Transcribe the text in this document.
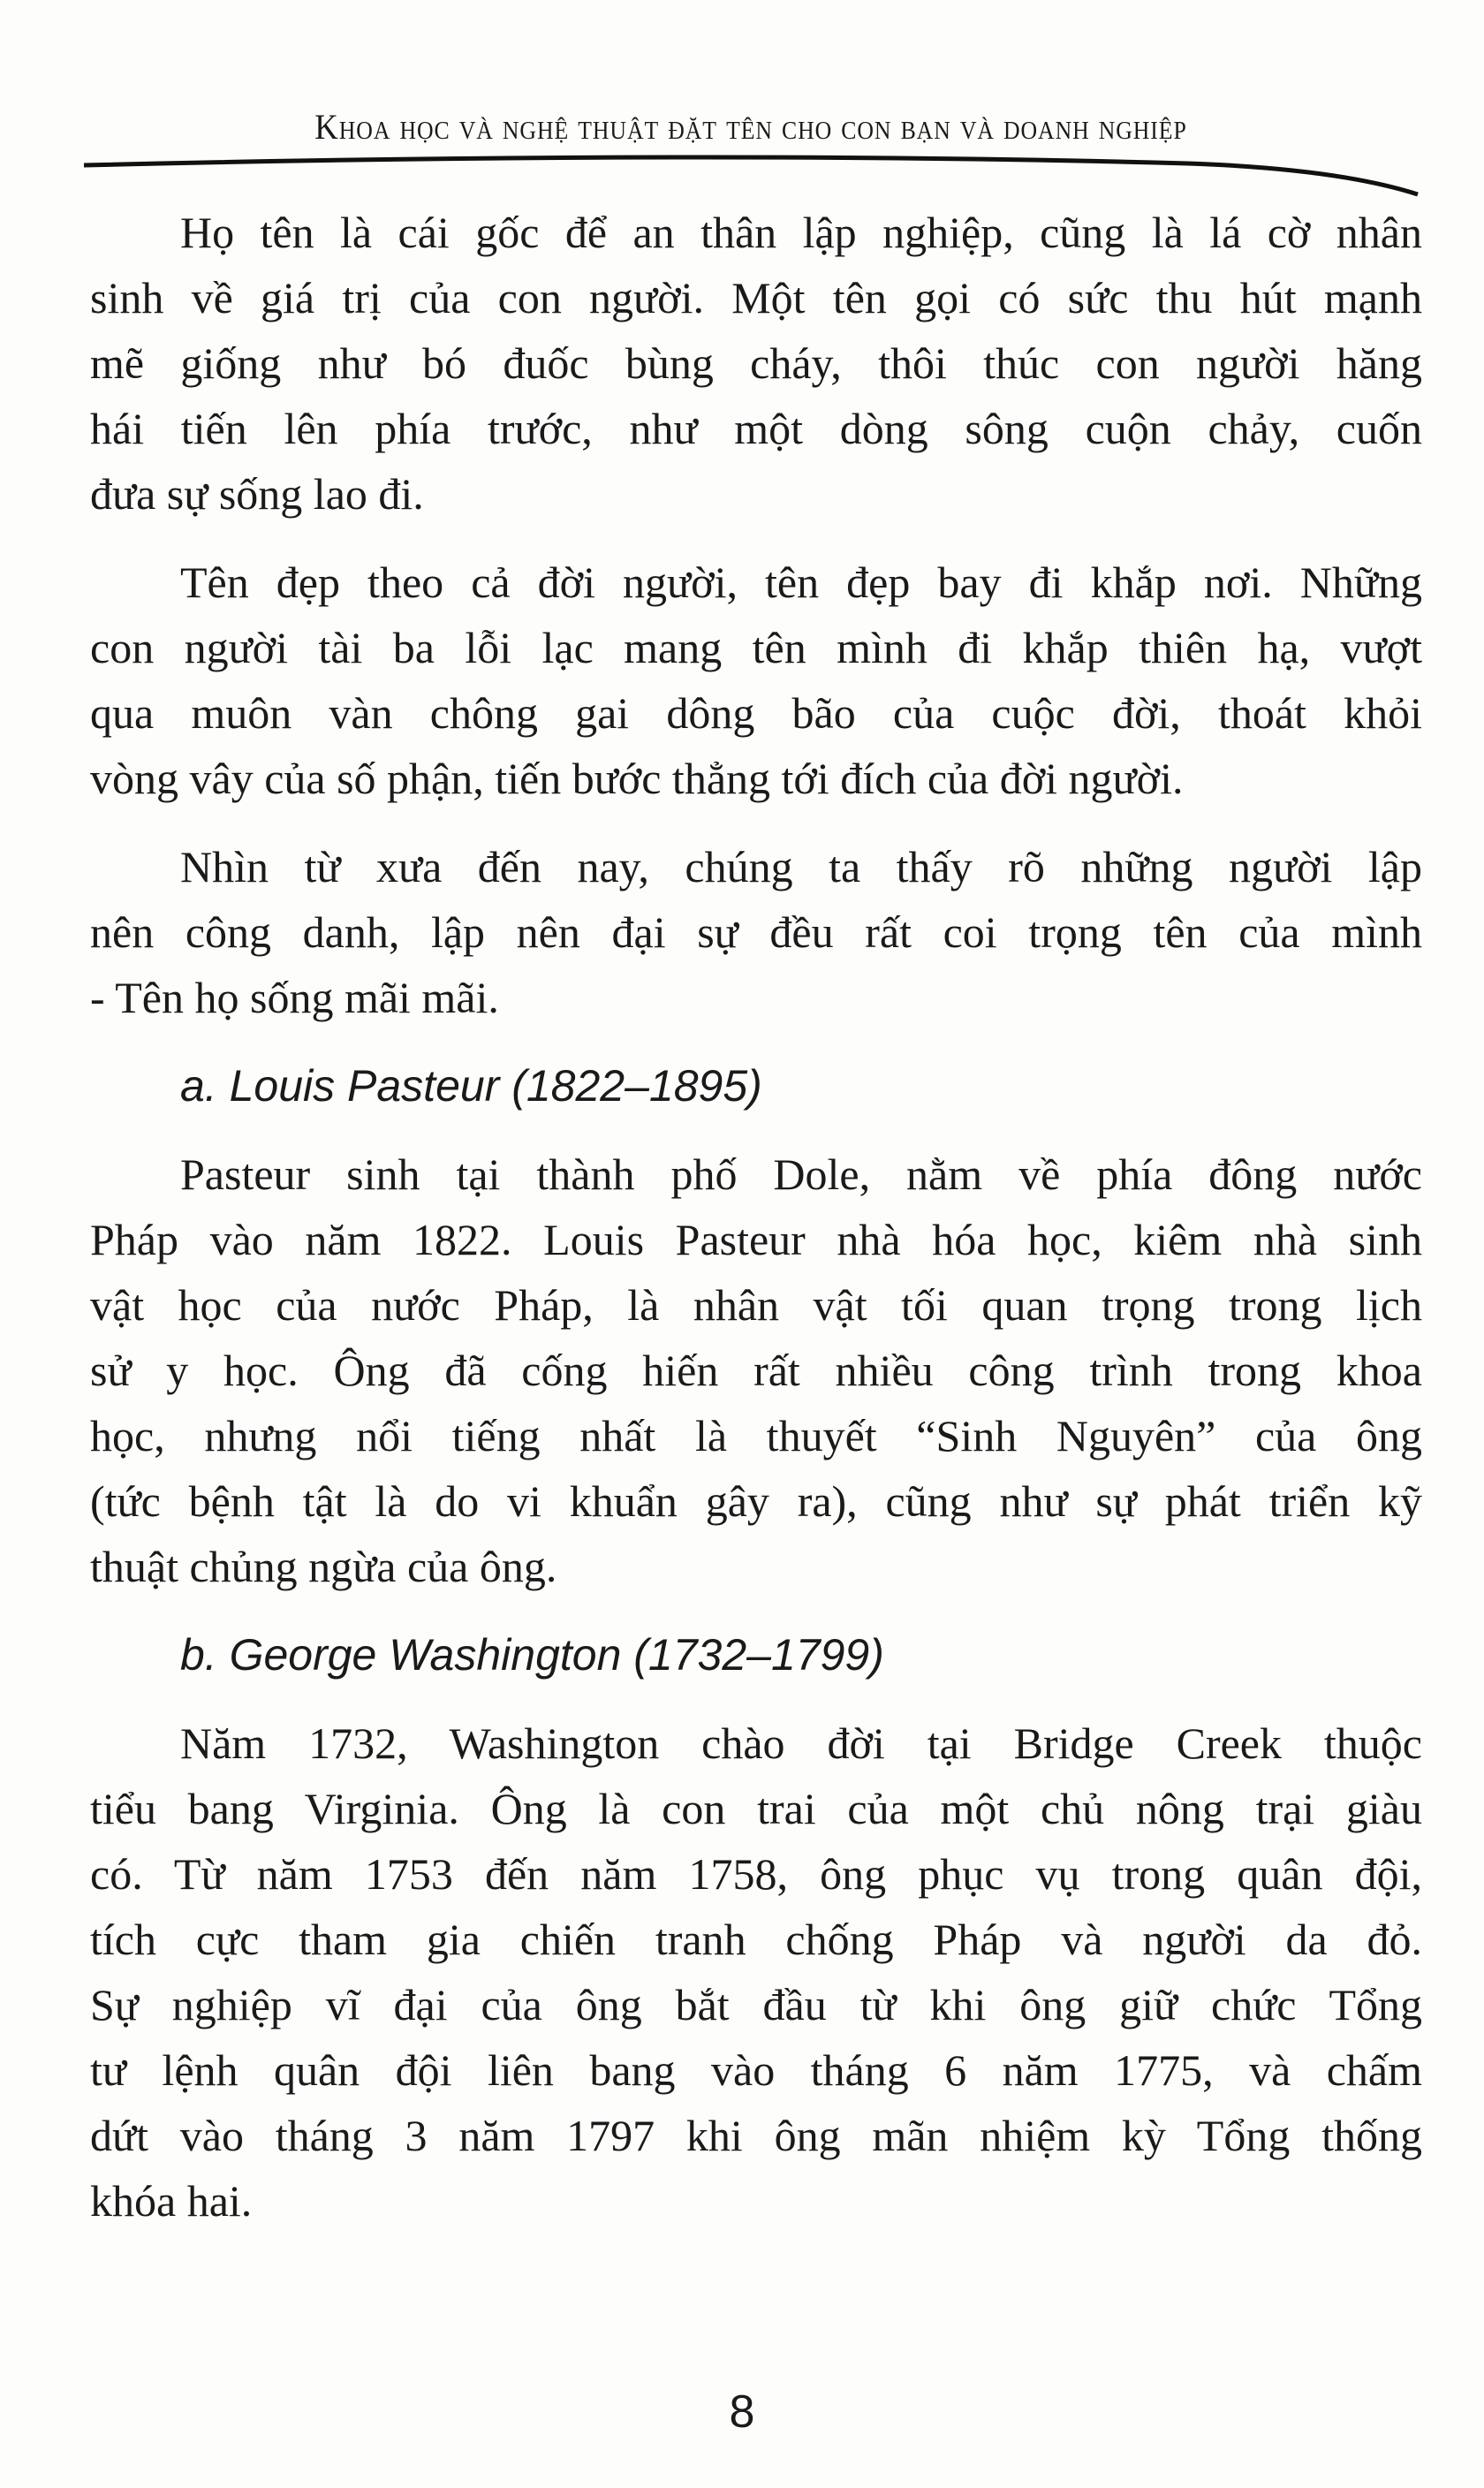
Khoa học và nghệ thuật đặt tên cho con bạn và doanh nghiệp
Họ tên là cái gốc để an thân lập nghiệp, cũng là lá cờ nhân
sinh về giá trị của con người. Một tên gọi có sức thu hút mạnh
mẽ giống như bó đuốc bùng cháy, thôi thúc con người hăng
hái tiến lên phía trước, như một dòng sông cuộn chảy, cuốn
đưa sự sống lao đi.
Tên đẹp theo cả đời người, tên đẹp bay đi khắp nơi. Những
con người tài ba lỗi lạc mang tên mình đi khắp thiên hạ, vượt
qua muôn vàn chông gai dông bão của cuộc đời, thoát khỏi
vòng vây của số phận, tiến bước thẳng tới đích của đời người.
Nhìn từ xưa đến nay, chúng ta thấy rõ những người lập
nên công danh, lập nên đại sự đều rất coi trọng tên của mình
- Tên họ sống mãi mãi.
a. Louis Pasteur (1822–1895)
Pasteur sinh tại thành phố Dole, nằm về phía đông nước
Pháp vào năm 1822. Louis Pasteur nhà hóa học, kiêm nhà sinh
vật học của nước Pháp, là nhân vật tối quan trọng trong lịch
sử y học. Ông đã cống hiến rất nhiều công trình trong khoa
học, nhưng nổi tiếng nhất là thuyết “Sinh Nguyên” của ông
(tức bệnh tật là do vi khuẩn gây ra), cũng như sự phát triển kỹ
thuật chủng ngừa của ông.
b. George Washington (1732–1799)
Năm 1732, Washington chào đời tại Bridge Creek thuộc
tiểu bang Virginia. Ông là con trai của một chủ nông trại giàu
có. Từ năm 1753 đến năm 1758, ông phục vụ trong quân đội,
tích cực tham gia chiến tranh chống Pháp và người da đỏ.
Sự nghiệp vĩ đại của ông bắt đầu từ khi ông giữ chức Tổng
tư lệnh quân đội liên bang vào tháng 6 năm 1775, và chấm
dứt vào tháng 3 năm 1797 khi ông mãn nhiệm kỳ Tổng thống
khóa hai.
8
